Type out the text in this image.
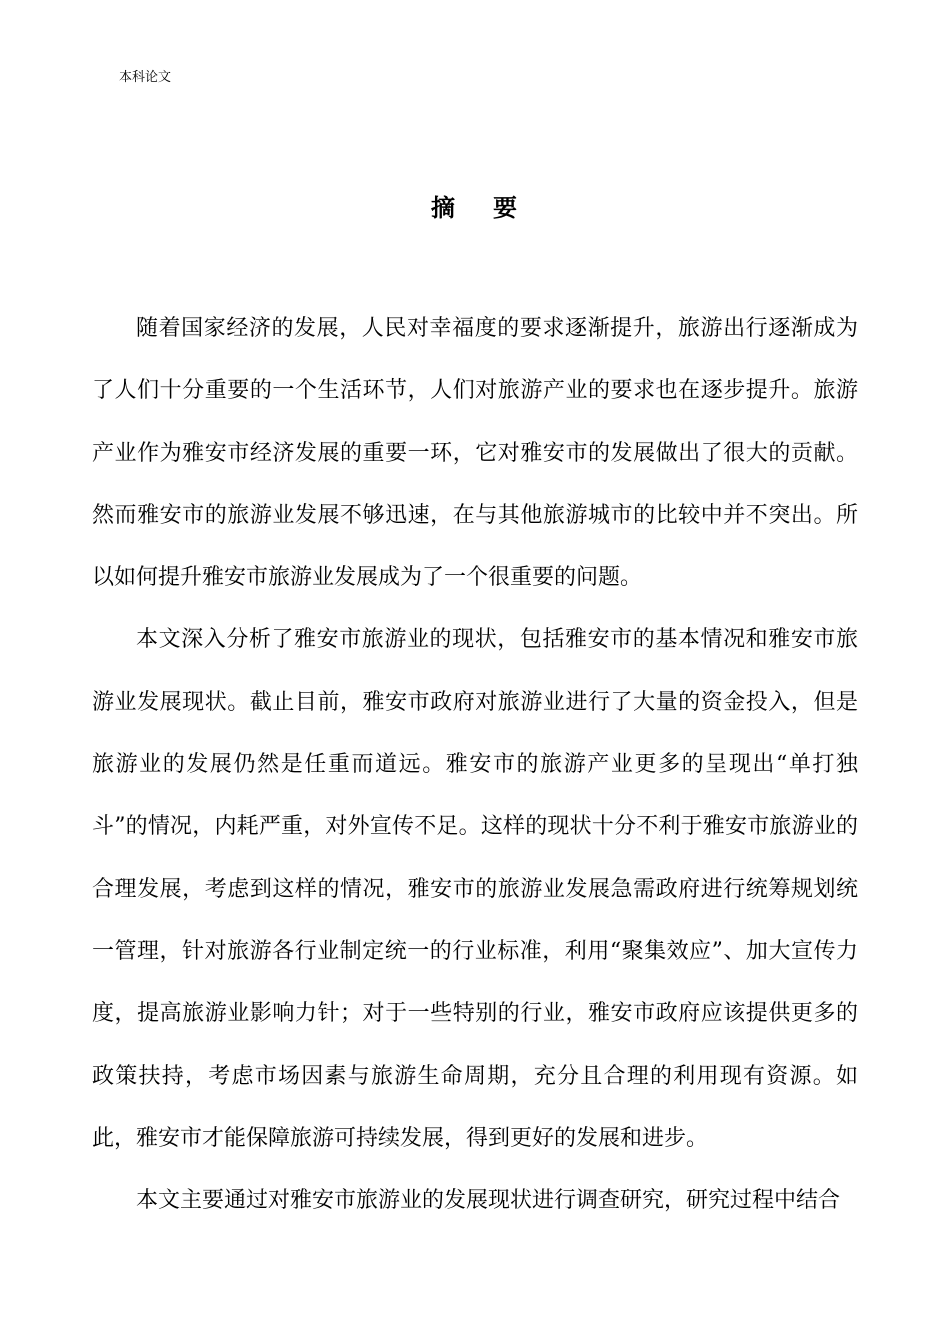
本科论文
摘 要

随着国家经济的发展，人民对幸福度的要求逐渐提升，旅游出行逐渐成为了人们十分重要的一个生活环节，人们对旅游产业的要求也在逐步提升。旅游产业作为雅安市经济发展的重要一环，它对雅安市的发展做出了很大的贡献。然而雅安市的旅游业发展不够迅速，在与其他旅游城市的比较中并不突出。所以如何提升雅安市旅游业发展成为了一个很重要的问题。

本文深入分析了雅安市旅游业的现状，包括雅安市的基本情况和雅安市旅游业发展现状。截止目前，雅安市政府对旅游业进行了大量的资金投入，但是旅游业的发展仍然是任重而道远。雅安市的旅游产业更多的呈现出“单打独斗”的情况，内耗严重，对外宣传不足。这样的现状十分不利于雅安市旅游业的合理发展，考虑到这样的情况，雅安市的旅游业发展急需政府进行统筹规划统一管理，针对旅游各行业制定统一的行业标准，利用“聚集效应”、加大宣传力度，提高旅游业影响力针；对于一些特别的行业，雅安市政府应该提供更多的政策扶持，考虑市场因素与旅游生命周期，充分且合理的利用现有资源。如此，雅安市才能保障旅游可持续发展，得到更好的发展和进步。

本文主要通过对雅安市旅游业的发展现状进行调查研究，研究过程中结合
